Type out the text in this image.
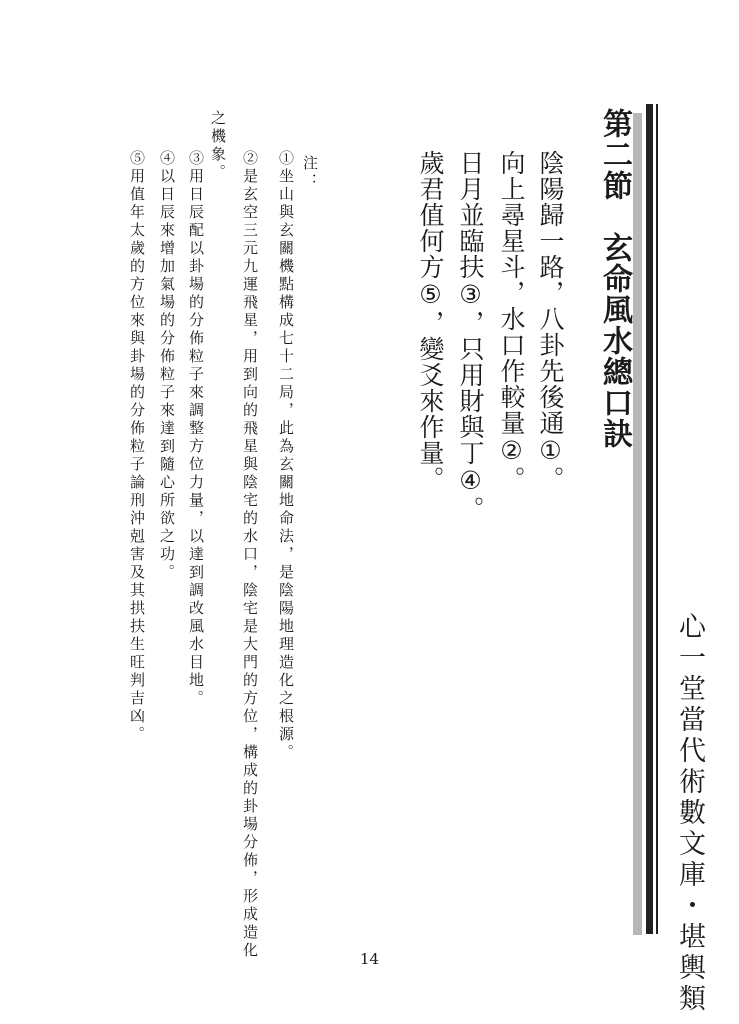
心一堂當代術數文庫・堪輿類

第二節　玄命風水總口訣

陰陽歸一路，八卦先後通①。

向上尋星斗，水口作較量②。

日月並臨扶③，只用財與丁④。

歲君值何方⑤，變爻來作量。

注：

①坐山與玄關機點構成七十二局，此為玄關地命法，是陰陽地理造化之根源。

②是玄空三元九運飛星，用到向的飛星與陰宅的水口，陰宅是大門的方位，構成的卦場分佈，形成造化

之機象。

③用日辰配以卦場的分佈粒子來調整方位力量，以達到調改風水目地。

④以日辰來增加氣場的分佈粒子來達到隨心所欲之功。

⑤用值年太歲的方位來與卦場的分佈粒子論刑沖剋害及其拱扶生旺判吉凶。

14
